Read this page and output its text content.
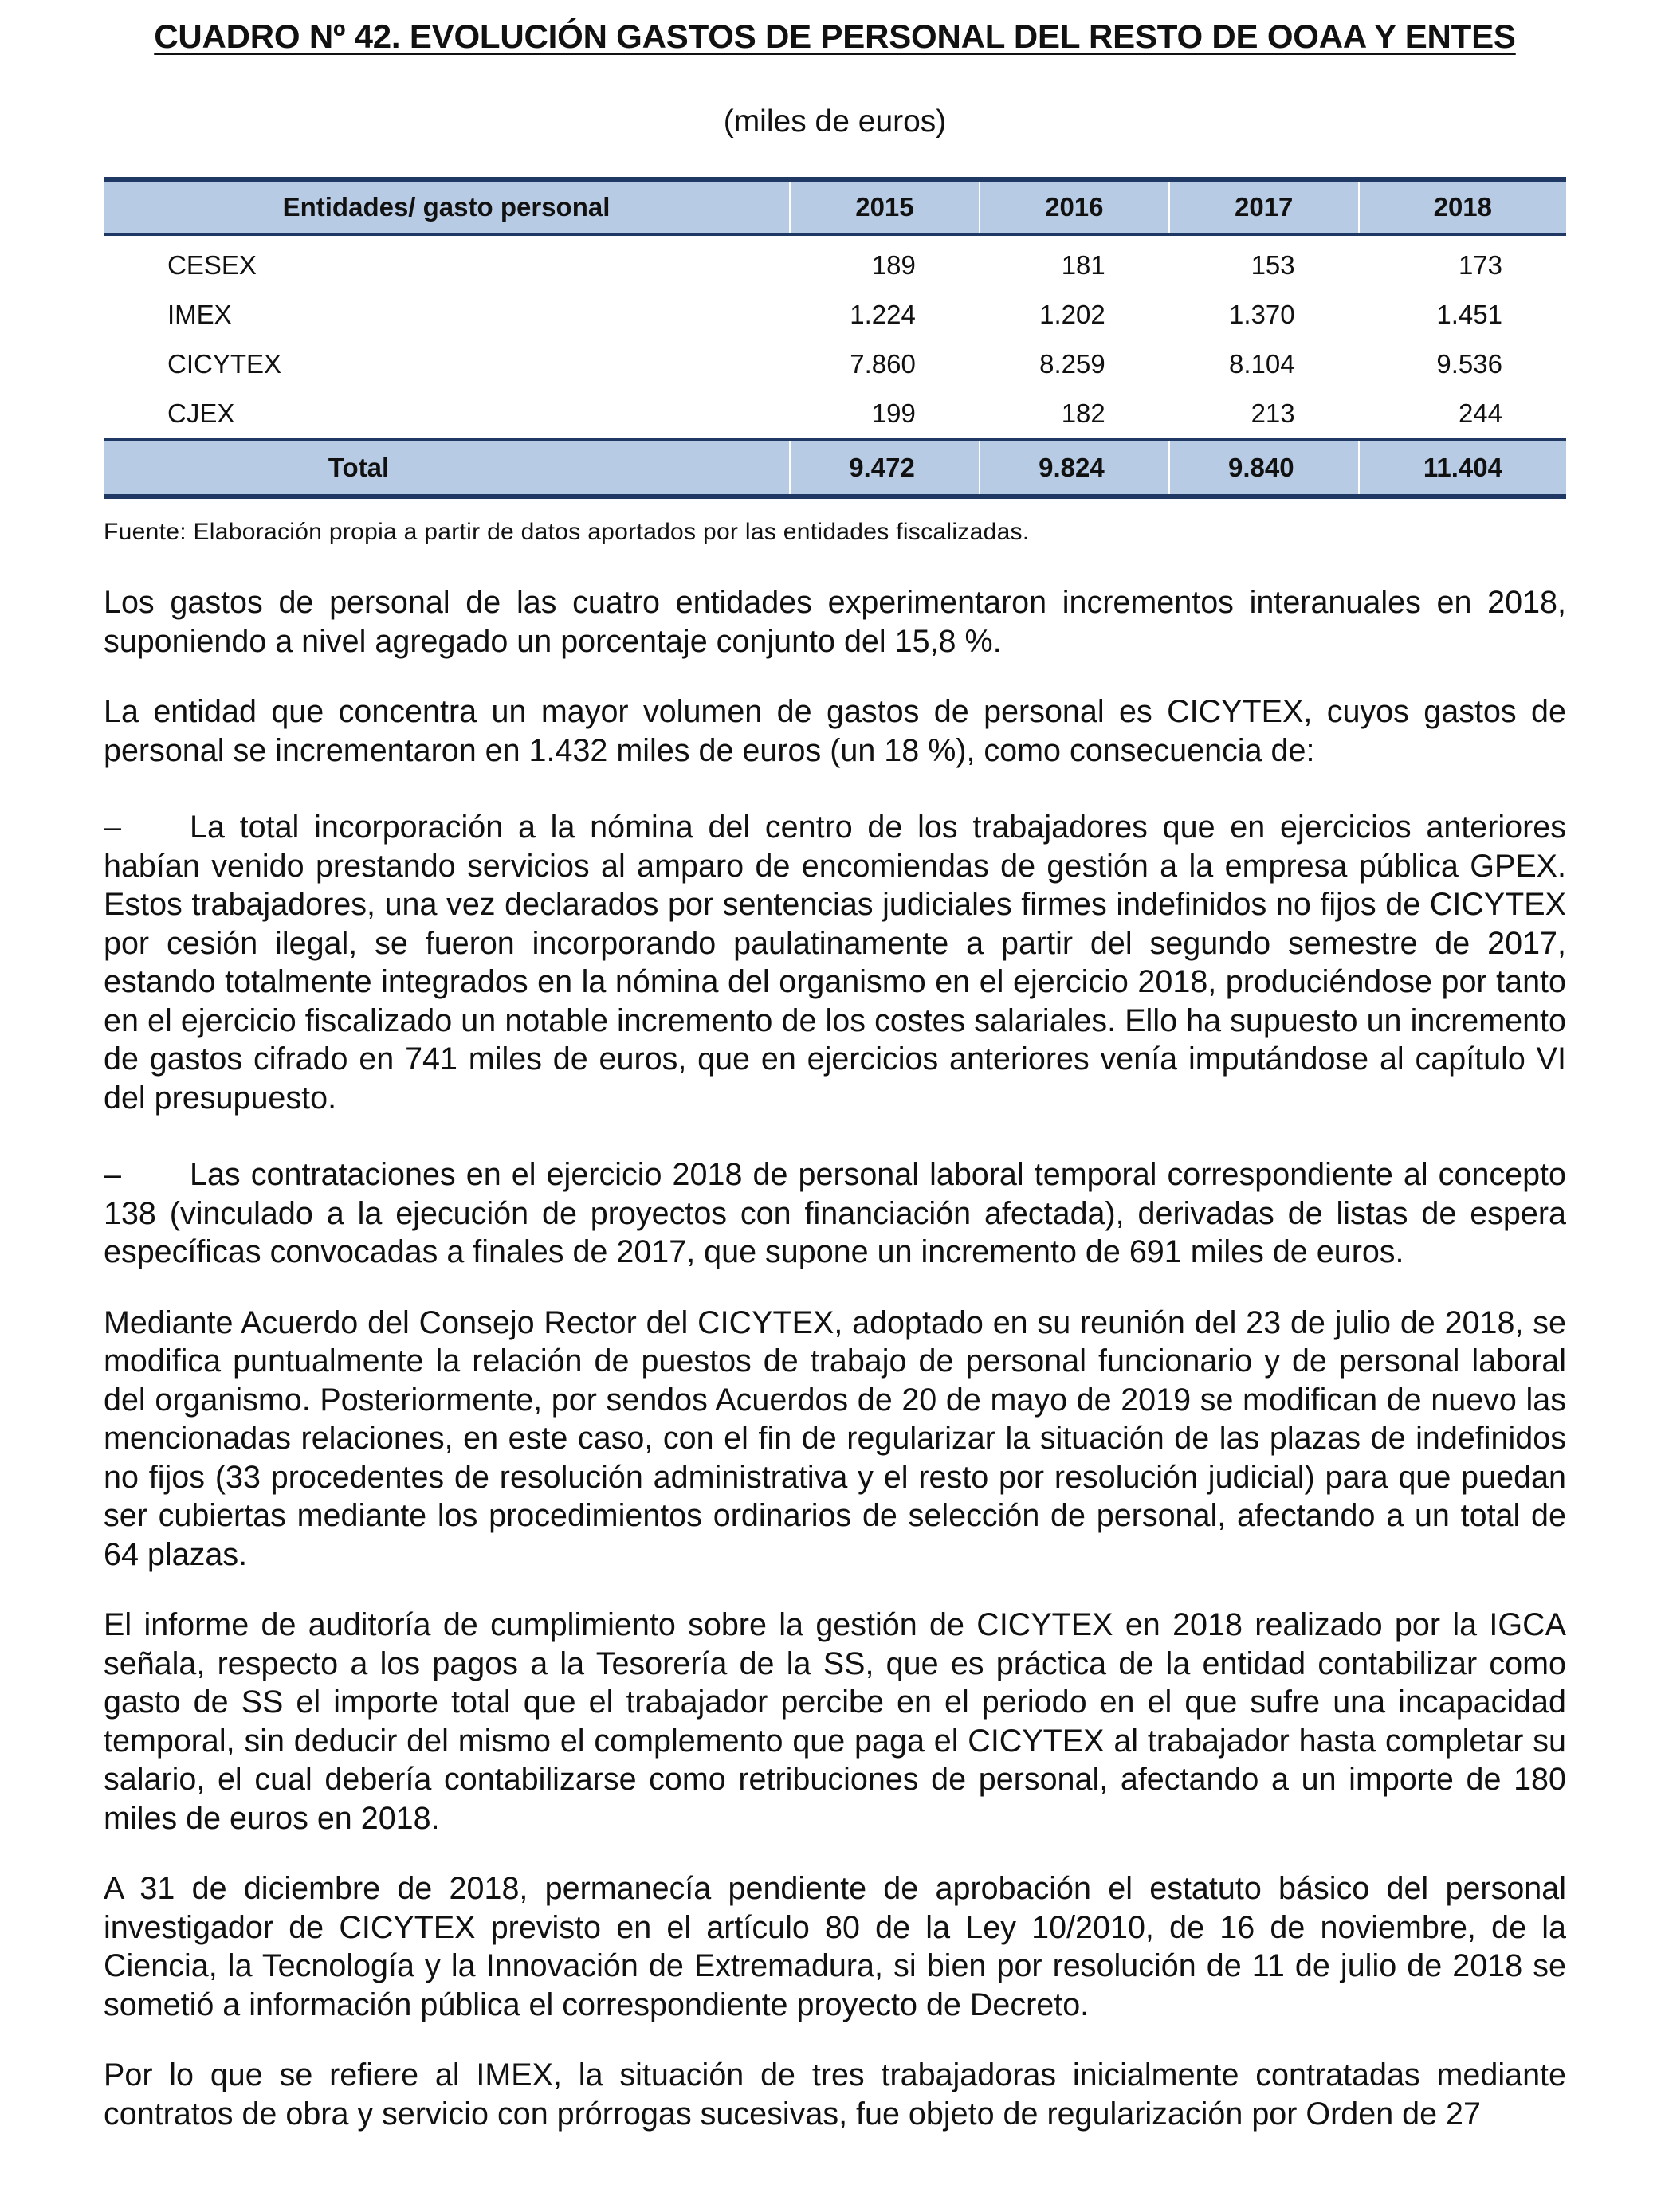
CUADRO Nº 42. EVOLUCIÓN GASTOS DE PERSONAL DEL RESTO DE OOAA Y ENTES

(miles de euros)

Entidades/ gasto personal	2015	2016	2017	2018
CESEX	189	181	153	173
IMEX	1.224	1.202	1.370	1.451
CICYTEX	7.860	8.259	8.104	9.536
CJEX	199	182	213	244
Total	9.472	9.824	9.840	11.404

Fuente: Elaboración propia a partir de datos aportados por las entidades fiscalizadas.

Los gastos de personal de las cuatro entidades experimentaron incrementos interanuales en 2018, suponiendo a nivel agregado un porcentaje conjunto del 15,8 %.

La entidad que concentra un mayor volumen de gastos de personal es CICYTEX, cuyos gastos de personal se incrementaron en 1.432 miles de euros (un 18 %), como consecuencia de:

– La total incorporación a la nómina del centro de los trabajadores que en ejercicios anteriores habían venido prestando servicios al amparo de encomiendas de gestión a la empresa pública GPEX. Estos trabajadores, una vez declarados por sentencias judiciales firmes indefinidos no fijos de CICYTEX por cesión ilegal, se fueron incorporando paulatinamente a partir del segundo semestre de 2017, estando totalmente integrados en la nómina del organismo en el ejercicio 2018, produciéndose por tanto en el ejercicio fiscalizado un notable incremento de los costes salariales. Ello ha supuesto un incremento de gastos cifrado en 741 miles de euros, que en ejercicios anteriores venía imputándose al capítulo VI del presupuesto.

– Las contrataciones en el ejercicio 2018 de personal laboral temporal correspondiente al concepto 138 (vinculado a la ejecución de proyectos con financiación afectada), derivadas de listas de espera específicas convocadas a finales de 2017, que supone un incremento de 691 miles de euros.

Mediante Acuerdo del Consejo Rector del CICYTEX, adoptado en su reunión del 23 de julio de 2018, se modifica puntualmente la relación de puestos de trabajo de personal funcionario y de personal laboral del organismo. Posteriormente, por sendos Acuerdos de 20 de mayo de 2019 se modifican de nuevo las mencionadas relaciones, en este caso, con el fin de regularizar la situación de las plazas de indefinidos no fijos (33 procedentes de resolución administrativa y el resto por resolución judicial) para que puedan ser cubiertas mediante los procedimientos ordinarios de selección de personal, afectando a un total de 64 plazas.

El informe de auditoría de cumplimiento sobre la gestión de CICYTEX en 2018 realizado por la IGCA señala, respecto a los pagos a la Tesorería de la SS, que es práctica de la entidad contabilizar como gasto de SS el importe total que el trabajador percibe en el periodo en el que sufre una incapacidad temporal, sin deducir del mismo el complemento que paga el CICYTEX al trabajador hasta completar su salario, el cual debería contabilizarse como retribuciones de personal, afectando a un importe de 180 miles de euros en 2018.

A 31 de diciembre de 2018, permanecía pendiente de aprobación el estatuto básico del personal investigador de CICYTEX previsto en el artículo 80 de la Ley 10/2010, de 16 de noviembre, de la Ciencia, la Tecnología y la Innovación de Extremadura, si bien por resolución de 11 de julio de 2018 se sometió a información pública el correspondiente proyecto de Decreto.

Por lo que se refiere al IMEX, la situación de tres trabajadoras inicialmente contratadas mediante contratos de obra y servicio con prórrogas sucesivas, fue objeto de regularización por Orden de 27
